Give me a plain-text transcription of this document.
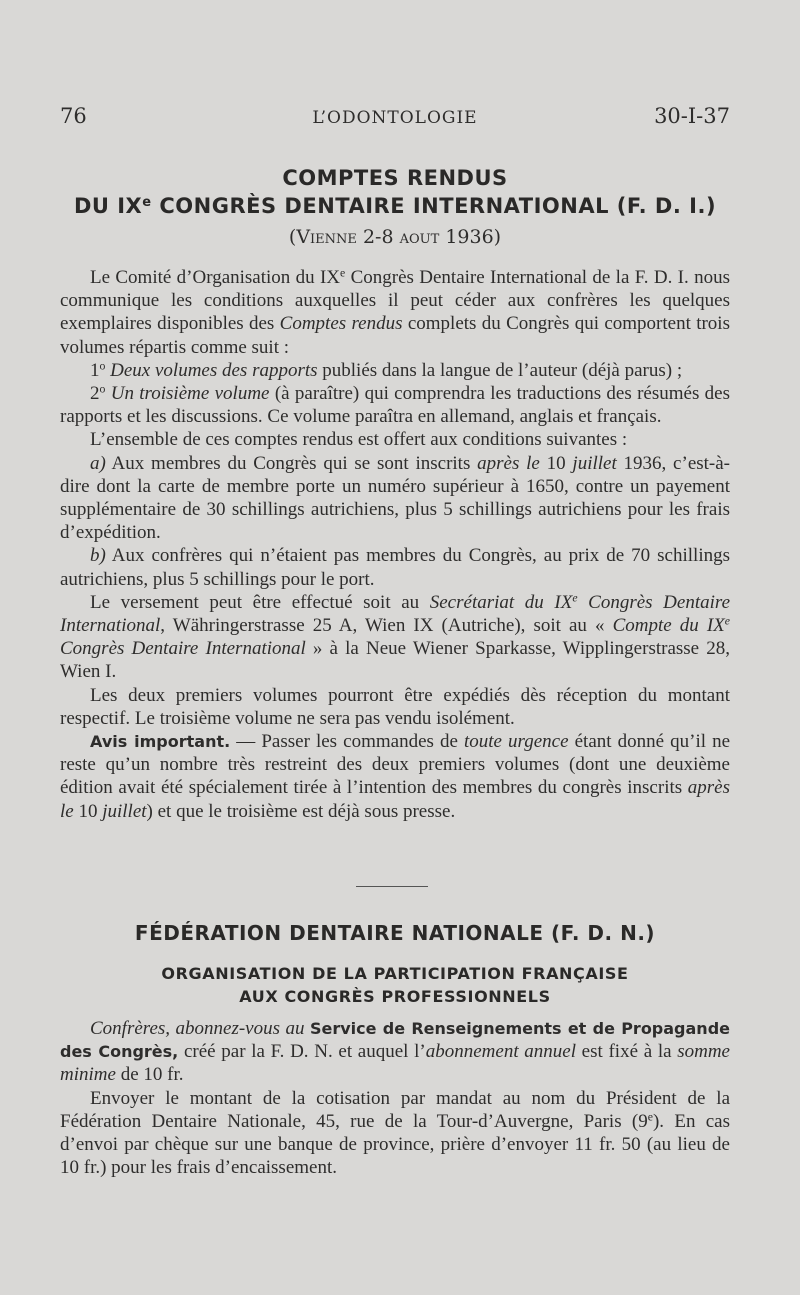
76	L’ODONTOLOGIE	30-I-37
COMPTES RENDUS
DU IXe CONGRÈS DENTAIRE INTERNATIONAL (F. D. I.)
(Vienne 2-8 aout 1936)

Le Comité d’Organisation du IXe Congrès Dentaire International de la F. D. I. nous communique les conditions auxquelles il peut céder aux confrères les quelques exemplaires disponibles des Comptes rendus complets du Congrès qui comportent trois volumes répartis comme suit :

1$^o$ Deux volumes des rapports publiés dans la langue de l’auteur (déjà parus) ;

2$^o$ Un troisième volume (à paraître) qui comprendra les traductions des résumés des rapports et les discussions. Ce volume paraîtra en allemand, anglais et français.

L’ensemble de ces comptes rendus est offert aux conditions suivantes :

a) Aux membres du Congrès qui se sont inscrits après le 10 juillet 1936, c’est-à-dire dont la carte de membre porte un numéro supérieur à 1650, contre un payement supplémentaire de 30 schillings autrichiens, plus 5 schillings autrichiens pour les frais d’expédition.

b) Aux confrères qui n’étaient pas membres du Congrès, au prix de 70 schillings autrichiens, plus 5 schillings pour le port.

Le versement peut être effectué soit au Secrétariat du IXe Congrès Dentaire International, Währingerstrasse 25 A, Wien IX (Autriche), soit au « Compte du IXe Congrès Dentaire International » à la Neue Wiener Sparkasse, Wipplingerstrasse 28, Wien I.

Les deux premiers volumes pourront être expédiés dès réception du montant respectif. Le troisième volume ne sera pas vendu isolément.

Avis important. — Passer les commandes de toute urgence étant donné qu’il ne reste qu’un nombre très restreint des deux premiers volumes (dont une deuxième édition avait été spécialement tirée à l’intention des membres du congrès inscrits après le 10 juillet) et que le troisième est déjà sous presse.

FÉDÉRATION DENTAIRE NATIONALE (F. D. N.)
ORGANISATION DE LA PARTICIPATION FRANÇAISE
AUX CONGRÈS PROFESSIONNELS

Confrères, abonnez-vous au Service de Renseignements et de Propagande des Congrès, créé par la F. D. N. et auquel l’abonnement annuel est fixé à la somme minime de 10 fr.

Envoyer le montant de la cotisation par mandat au nom du Président de la Fédération Dentaire Nationale, 45, rue de la Tour-d’Auvergne, Paris (9e). En cas d’envoi par chèque sur une banque de province, prière d’envoyer 11 fr. 50 (au lieu de 10 fr.) pour les frais d’encaissement.
